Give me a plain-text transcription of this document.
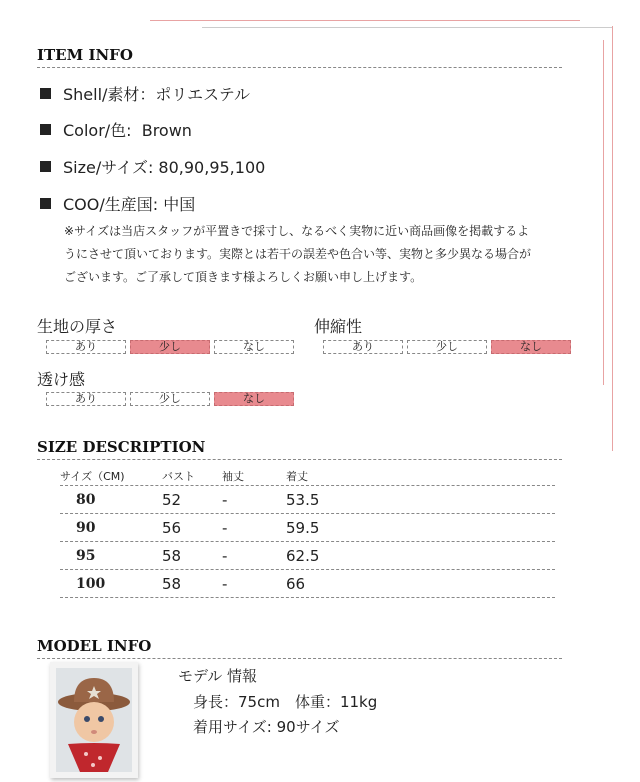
ITEM INFO
Shell/素材：ポリエステル
Color/色:  Brown
Size/サイズ: 80,90,95,100
COO/生産国: 中国
※サイズは当店スタッフが平置きで採寸し、なるべく実物に近い商品画像を掲載するよ
うにさせて頂いております。実際とは若干の誤差や色合い等、実物と多少異なる場合が
ございます。ご了承して頂きます様よろしくお願い申し上げます。
生地の厚さ
あり	少し	なし
伸縮性
あり	少し	なし
透け感
あり	少し	なし
SIZE DESCRIPTION
サイズ（CM)	バスト	袖丈	着丈
80	52	-	53.5
90	56	-	59.5
95	58	-	62.5
100	58	-	66
MODEL INFO
モデル 情報
身長：75cm　体重：11kg
着用サイズ: 90サイズ
